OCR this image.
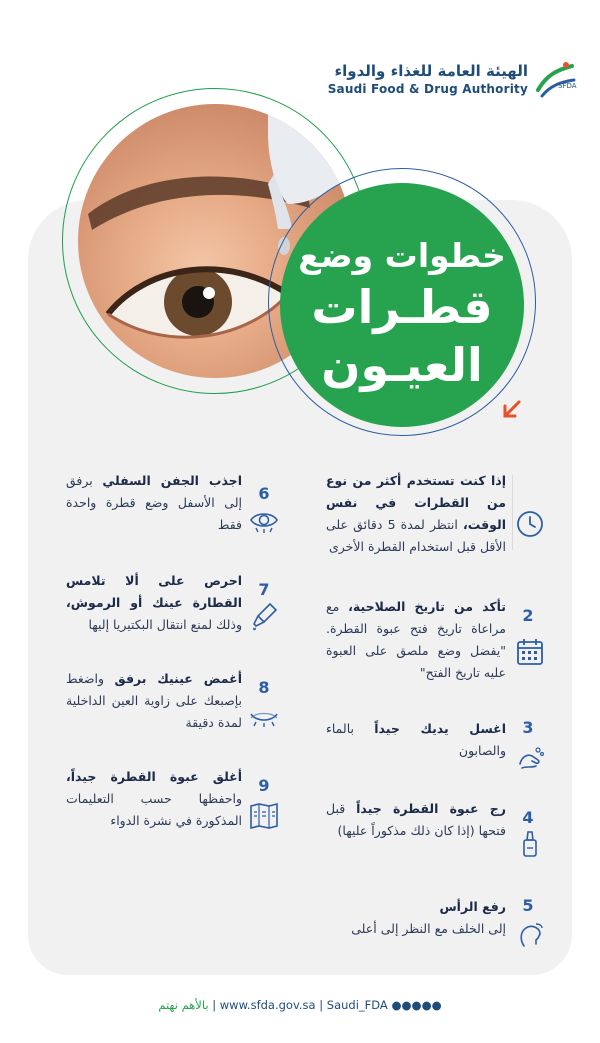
الهيئة العامة للغذاء والدواء
Saudi Food & Drug Authority	SFDA
خطوات وضع
قطـرات
العيـون
إذا كنت تستخدم أكثر من نوع من القطرات في نفس الوقت، انتظر لمدة 5 دقائق على الأقل قبل استخدام القطرة الأخرى
2
تأكد من تاريخ الصلاحية، مع مراعاة تاريخ فتح عبوة القطرة. "يفضل وضع ملصق على العبوة عليه تاريخ الفتح"
3
اغسل يديك جيداً بالماء والصابون
4
رج عبوة القطرة جيداً قبل فتحها (إذا كان ذلك مذكوراً عليها)
5
رفع الرأس
إلى الخلف مع النظر إلى أعلى
6
اجذب الجفن السفلي برفق إلى الأسفل وضع قطرة واحدة فقط
7
احرص على ألا تلامس القطارة عينك أو الرموش، وذلك لمنع انتقال البكتيريا إليها
8
أغمض عينيك برفق واضغط بإصبعك على زاوية العين الداخلية لمدة دقيقة
9
أغلق عبوة القطرة جيداً، واحفظها حسب التعليمات المذكورة في نشرة الدواء
بالأهم نهتم | www.sfda.gov.sa | Saudi_FDA ●●●●●
